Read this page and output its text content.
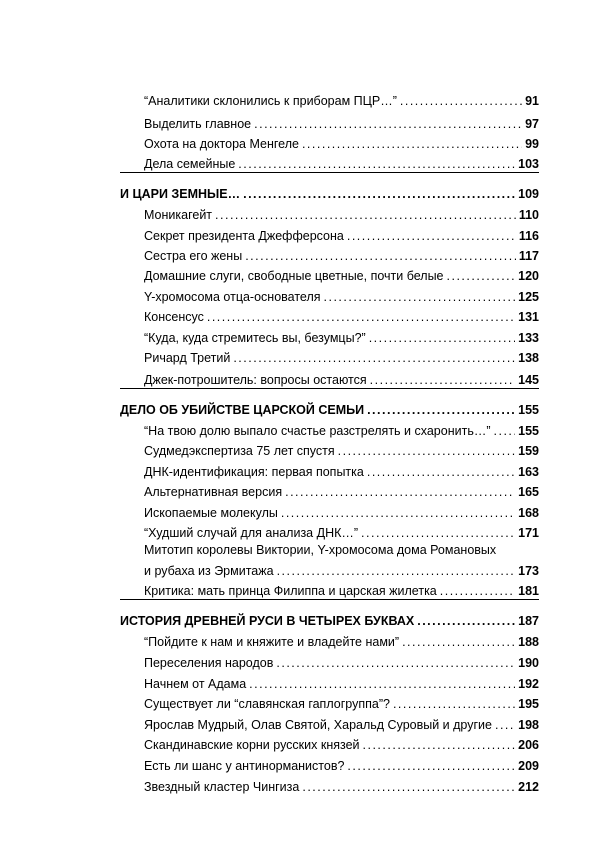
“Аналитики склонились к приборам ПЦР…” .....	91
Выделить главное .....	97
Охота на доктора Менгеле .....	99
Дела семейные .....	103
И ЦАРИ ЗЕМНЫЕ… .....	109
Моникагейт .....	110
Секрет президента Джефферсона .....	116
Сестра его жены .....	117
Домашние слуги, свободные цветные, почти белые .....	120
Y-хромосома отца-основателя .....	125
Консенсус .....	131
“Куда, куда стремитесь вы, безумцы?” .....	133
Ричард Третий .....	138
Джек-потрошитель: вопросы остаются .....	145
ДЕЛО ОБ УБИЙСТВЕ ЦАРСКОЙ СЕМЬИ .....	155
“На твою долю выпало счастье разстрелять и схаронить…” ..... 155
Судмедэкспертиза 75 лет спустя .....	159
ДНК-идентификация: первая попытка .....	163
Альтернативная версия .....	165
Ископаемые молекулы .....	168
“Худший случай для анализа ДНК…” .....	171
Митотип королевы Виктории, Y-хромосома дома Романовых
и рубаха из Эрмитажа .....	173
Критика: мать принца Филиппа и царская жилетка .....	181
ИСТОРИЯ ДРЕВНЕЙ РУСИ В ЧЕТЫРЕХ БУКВАХ .....	187
“Пойдите к нам и княжите и владейте нами” .....	188
Переселения народов .....	190
Начнем от Адама .....	192
Существует ли “славянская гаплогруппа”? .....	195
Ярослав Мудрый, Олав Святой, Харальд Суровый и другие ..... 198
Скандинавские корни русских князей .....	206
Есть ли шанс у антинорманистов? .....	209
Звездный кластер Чингиза .....	212
